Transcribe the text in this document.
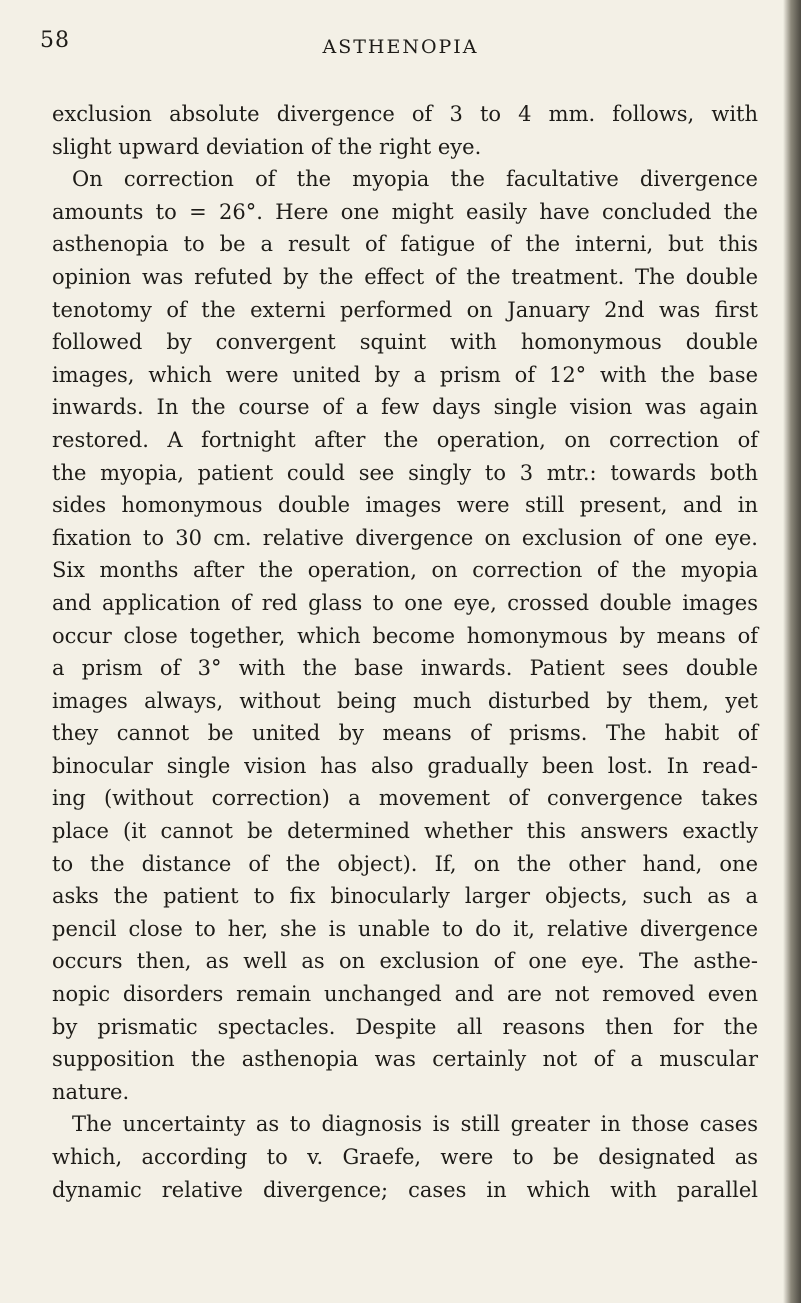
58	ASTHENOPIA
exclusion absolute divergence of 3 to 4 mm. follows, with
slight upward deviation of the right eye.
On correction of the myopia the facultative divergence
amounts to = 26°. Here one might easily have concluded the
asthenopia to be a result of fatigue of the interni, but this
opinion was refuted by the effect of the treatment. The double
tenotomy of the externi performed on January 2nd was first
followed by convergent squint with homonymous double
images, which were united by a prism of 12° with the base
inwards. In the course of a few days single vision was again
restored. A fortnight after the operation, on correction of
the myopia, patient could see singly to 3 mtr.: towards both
sides homonymous double images were still present, and in
fixation to 30 cm. relative divergence on exclusion of one eye.
Six months after the operation, on correction of the myopia
and application of red glass to one eye, crossed double images
occur close together, which become homonymous by means of
a prism of 3° with the base inwards. Patient sees double
images always, without being much disturbed by them, yet
they cannot be united by means of prisms. The habit of
binocular single vision has also gradually been lost. In read-
ing (without correction) a movement of convergence takes
place (it cannot be determined whether this answers exactly
to the distance of the object). If, on the other hand, one
asks the patient to fix binocularly larger objects, such as a
pencil close to her, she is unable to do it, relative divergence
occurs then, as well as on exclusion of one eye. The asthe-
nopic disorders remain unchanged and are not removed even
by prismatic spectacles. Despite all reasons then for the
supposition the asthenopia was certainly not of a muscular
nature.
The uncertainty as to diagnosis is still greater in those cases
which, according to v. Graefe, were to be designated as
dynamic relative divergence; cases in which with parallel
